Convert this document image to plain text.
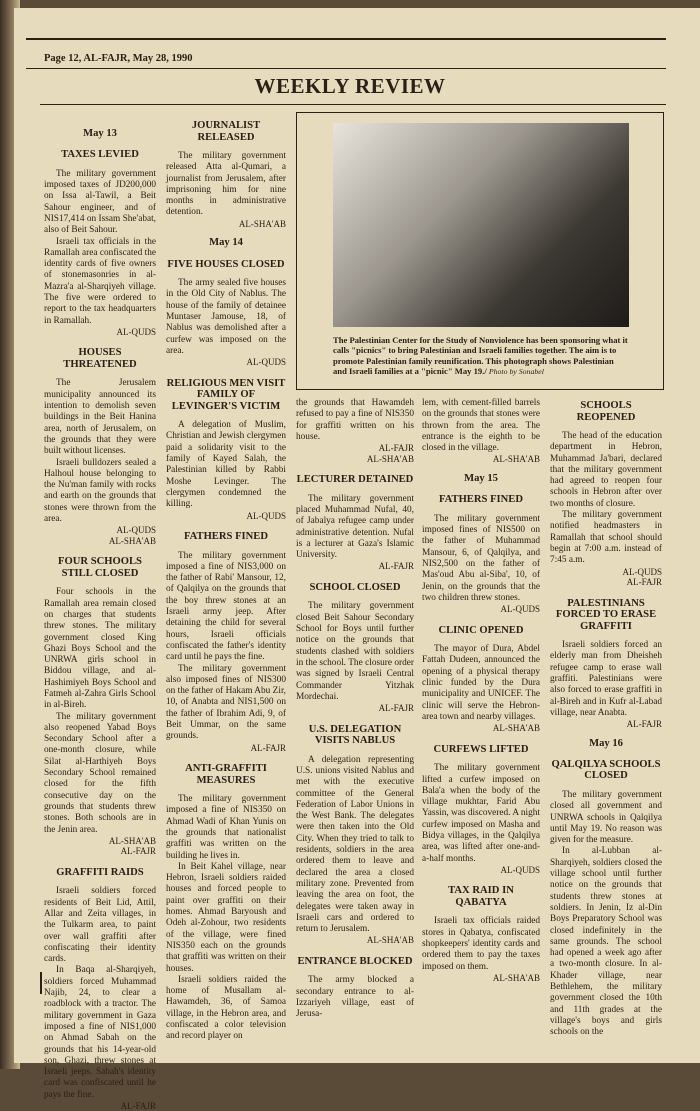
Page 12, AL-FAJR, May 28, 1990
WEEKLY REVIEW
May 13
TAXES LEVIED

The military government imposed taxes of JD200,000 on Issa al-Tawil, a Beit Sahour engineer, and of NIS17,414 on Issam She'abat, also of Beit Sahour.

Israeli tax officials in the Ramallah area confiscated the identity cards of five owners of stonemasonries in al-Mazra'a al-Sharqiyeh village. The five were ordered to report to the tax headquarters in Ramallah.

AL-QUDS
HOUSES THREATENED

The Jerusalem municipality announced its intention to demolish seven buildings in the Beit Hanina area, north of Jerusalem, on the grounds that they were built without licenses.

Israeli bulldozers sealed a Halhoul house belonging to the Nu'man family with rocks and earth on the grounds that stones were thrown from the area.

AL-QUDS
AL-SHA'AB
FOUR SCHOOLS STILL CLOSED

Four schools in the Ramallah area remain closed on charges that students threw stones. The military government closed King Ghazi Boys School and the UNRWA girls school in Biddou village, and al-Hashimiyeh Boys School and Fatmeh al-Zahra Girls School in al-Bireh.

The military government also reopened Yabad Boys Secondary School after a one-month closure, while Silat al-Harthiyeh Boys Secondary School remained closed for the fifth consecutive day on the grounds that students threw stones. Both schools are in the Jenin area.

AL-SHA'AB
AL-FAJR
GRAFFITI RAIDS

Israeli soldiers forced residents of Beit Lid, Attil, Allar and Zeita villages, in the Tulkarm area, to paint over wall graffiti after confiscating their identity cards.

In Baqa al-Sharqiyeh, soldiers forced Muhammad Najib, 24, to clear a roadblock with a tractor. The military government in Gaza imposed a fine of NIS1,000 on Ahmad Sabah on the grounds that his 14-year-old son, Ghazi, threw stones at Israeli jeeps. Sabah's identity card was confiscated until he pays the fine.

AL-FAJR
JOURNALIST RELEASED

The military government released Atta al-Qumari, a journalist from Jerusalem, after imprisoning him for nine months in administrative detention.

AL-SHA'AB
May 14
FIVE HOUSES CLOSED

The army sealed five houses in the Old City of Nablus. The house of the family of detainee Muntaser Jamouse, 18, of Nablus was demolished after a curfew was imposed on the area.

AL-QUDS
RELIGIOUS MEN VISIT FAMILY OF LEVINGER'S VICTIM

A delegation of Muslim, Christian and Jewish clergymen paid a solidarity visit to the family of Kayed Salah, the Palestinian killed by Rabbi Moshe Levinger. The clergymen condemned the killing.

AL-QUDS
FATHERS FINED

The military government imposed a fine of NIS3,000 on the father of Rabi' Mansour, 12, of Qalqilya on the grounds that the boy threw stones at an Israeli army jeep. After detaining the child for several hours, Israeli officials confiscated the father's identity card until he pays the fine.

The military government also imposed fines of NIS300 on the father of Hakam Abu Zir, 10, of Anabta and NIS1,500 on the father of Ibrahim Adi, 9, of Beit Ummar, on the same grounds.

AL-FAJR
ANTI-GRAFFITI MEASURES

The military government imposed a fine of NIS350 on Ahmad Wadi of Khan Yunis on the grounds that nationalist graffiti was written on the building he lives in.

In Beit Kahel village, near Hebron, Israeli soldiers raided houses and forced people to paint over graffiti on their homes. Ahmad Baryoush and Odeh al-Zohour, two residents of the village, were fined NIS350 each on the grounds that graffiti was written on their houses.

Israeli soldiers raided the home of Musallam al-Hawamdeh, 36, of Samoa village, in the Hebron area, and confiscated a color television and record player on

The Palestinian Center for the Study of Nonviolence has been sponsoring what it calls "picnics" to bring Palestinian and Israeli families together. The aim is to promote Palestinian family reunification. This photograph shows Palestinian and Israeli families at a "picnic" May 19./ Photo by Sonabel

the grounds that Hawamdeh refused to pay a fine of NIS350 for graffiti written on his house.

AL-FAJR
AL-SHA'AB
LECTURER DETAINED

The military government placed Muhammad Nufal, 40, of Jabalya refugee camp under administrative detention. Nufal is a lecturer at Gaza's Islamic University.

AL-FAJR
SCHOOL CLOSED

The military government closed Beit Sahour Secondary School for Boys until further notice on the grounds that students clashed with soldiers in the school. The closure order was signed by Israeli Central Commander Yitzhak Mordechai.

AL-FAJR
U.S. DELEGATION VISITS NABLUS

A delegation representing U.S. unions visited Nablus and met with the executive committee of the General Federation of Labor Unions in the West Bank. The delegates were then taken into the Old City. When they tried to talk to residents, soldiers in the area ordered them to leave and declared the area a closed military zone. Prevented from leaving the area on foot, the delegates were taken away in Israeli cars and ordered to return to Jerusalem.

AL-SHA'AB
ENTRANCE BLOCKED

The army blocked a secondary entrance to al-Izzariyeh village, east of Jerusa-

lem, with cement-filled barrels on the grounds that stones were thrown from the area. The entrance is the eighth to be closed in the village.

AL-SHA'AB
May 15
FATHERS FINED

The military government imposed fines of NIS500 on the father of Muhammad Mansour, 6, of Qalqilya, and NIS2,500 on the father of Mas'oud Abu al-Siba', 10, of Jenin, on the grounds that the two children threw stones.

AL-QUDS
CLINIC OPENED

The mayor of Dura, Abdel Fattah Dudeen, announced the opening of a physical therapy clinic funded by the Dura municipality and UNICEF. The clinic will serve the Hebron-area town and nearby villages.

AL-SHA'AB
CURFEWS LIFTED

The military government lifted a curfew imposed on Bala'a when the body of the village mukhtar, Farid Abu Yassin, was discovered. A night curfew imposed on Masha and Bidya villages, in the Qalqilya area, was lifted after one-and-a-half months.

AL-QUDS
TAX RAID IN QABATYA

Israeli tax officials raided stores in Qabatya, confiscated shopkeepers' identity cards and ordered them to pay the taxes imposed on them.

AL-SHA'AB
SCHOOLS REOPENED

The head of the education department in Hebron, Muhammad Ja'bari, declared that the military government had agreed to reopen four schools in Hebron after over two months of closure.

The military government notified headmasters in Ramallah that school should begin at 7:00 a.m. instead of 7:45 a.m.

AL-QUDS
AL-FAJR
PALESTINIANS FORCED TO ERASE GRAFFITI

Israeli soldiers forced an elderly man from Dheisheh refugee camp to erase wall graffiti. Palestinians were also forced to erase graffiti in al-Bireh and in Kufr al-Labad village, near Anabta.

AL-FAJR
May 16
QALQILYA SCHOOLS CLOSED

The military government closed all government and UNRWA schools in Qalqilya until May 19. No reason was given for the measure.

In al-Lubban al-Sharqiyeh, soldiers closed the village school until further notice on the grounds that students threw stones at soldiers. In Jenin, Iz al-Din Boys Preparatory School was closed indefinitely in the same grounds. The school had opened a week ago after a two-month closure. In al-Khader village, near Bethlehem, the military government closed the 10th and 11th grades at the village's boys and girls schools on the
